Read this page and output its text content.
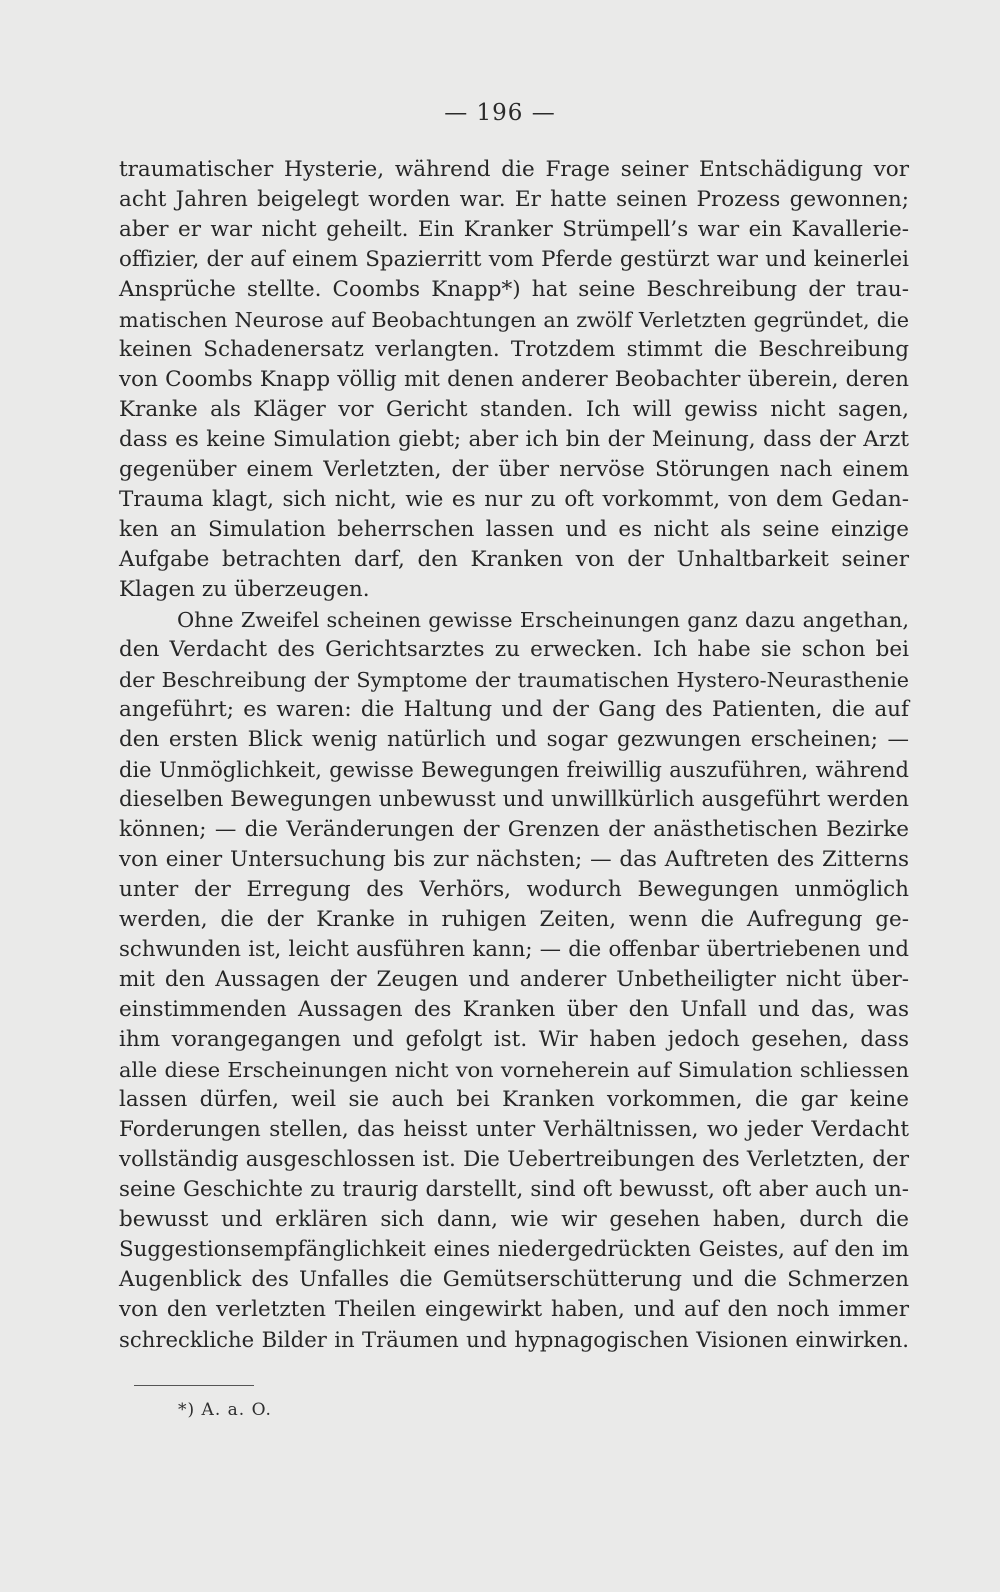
— 196 —
traumatischer Hysterie, während die Frage seiner Entschädigung vor
acht Jahren beigelegt worden war. Er hatte seinen Prozess gewonnen;
aber er war nicht geheilt. Ein Kranker Strümpell’s war ein Kavallerie-
offizier, der auf einem Spazierritt vom Pferde gestürzt war und keinerlei
Ansprüche stellte. Coombs Knapp*) hat seine Beschreibung der trau-
matischen Neurose auf Beobachtungen an zwölf Verletzten gegründet, die
keinen Schadenersatz verlangten. Trotzdem stimmt die Beschreibung
von Coombs Knapp völlig mit denen anderer Beobachter überein, deren
Kranke als Kläger vor Gericht standen. Ich will gewiss nicht sagen,
dass es keine Simulation giebt; aber ich bin der Meinung, dass der Arzt
gegenüber einem Verletzten, der über nervöse Störungen nach einem
Trauma klagt, sich nicht, wie es nur zu oft vorkommt, von dem Gedan-
ken an Simulation beherrschen lassen und es nicht als seine einzige
Aufgabe betrachten darf, den Kranken von der Unhaltbarkeit seiner
Klagen zu überzeugen.
Ohne Zweifel scheinen gewisse Erscheinungen ganz dazu angethan,
den Verdacht des Gerichtsarztes zu erwecken. Ich habe sie schon bei
der Beschreibung der Symptome der traumatischen Hystero-Neurasthenie
angeführt; es waren: die Haltung und der Gang des Patienten, die auf
den ersten Blick wenig natürlich und sogar gezwungen erscheinen; —
die Unmöglichkeit, gewisse Bewegungen freiwillig auszuführen, während
dieselben Bewegungen unbewusst und unwillkürlich ausgeführt werden
können; — die Veränderungen der Grenzen der anästhetischen Bezirke
von einer Untersuchung bis zur nächsten; — das Auftreten des Zitterns
unter der Erregung des Verhörs, wodurch Bewegungen unmöglich
werden, die der Kranke in ruhigen Zeiten, wenn die Aufregung ge-
schwunden ist, leicht ausführen kann; — die offenbar übertriebenen und
mit den Aussagen der Zeugen und anderer Unbetheiligter nicht über-
einstimmenden Aussagen des Kranken über den Unfall und das, was
ihm vorangegangen und gefolgt ist. Wir haben jedoch gesehen, dass
alle diese Erscheinungen nicht von vorneherein auf Simulation schliessen
lassen dürfen, weil sie auch bei Kranken vorkommen, die gar keine
Forderungen stellen, das heisst unter Verhältnissen, wo jeder Verdacht
vollständig ausgeschlossen ist. Die Uebertreibungen des Verletzten, der
seine Geschichte zu traurig darstellt, sind oft bewusst, oft aber auch un-
bewusst und erklären sich dann, wie wir gesehen haben, durch die
Suggestionsempfänglichkeit eines niedergedrückten Geistes, auf den im
Augenblick des Unfalles die Gemütserschütterung und die Schmerzen
von den verletzten Theilen eingewirkt haben, und auf den noch immer
schreckliche Bilder in Träumen und hypnagogischen Visionen einwirken.
*) A. a. O.
